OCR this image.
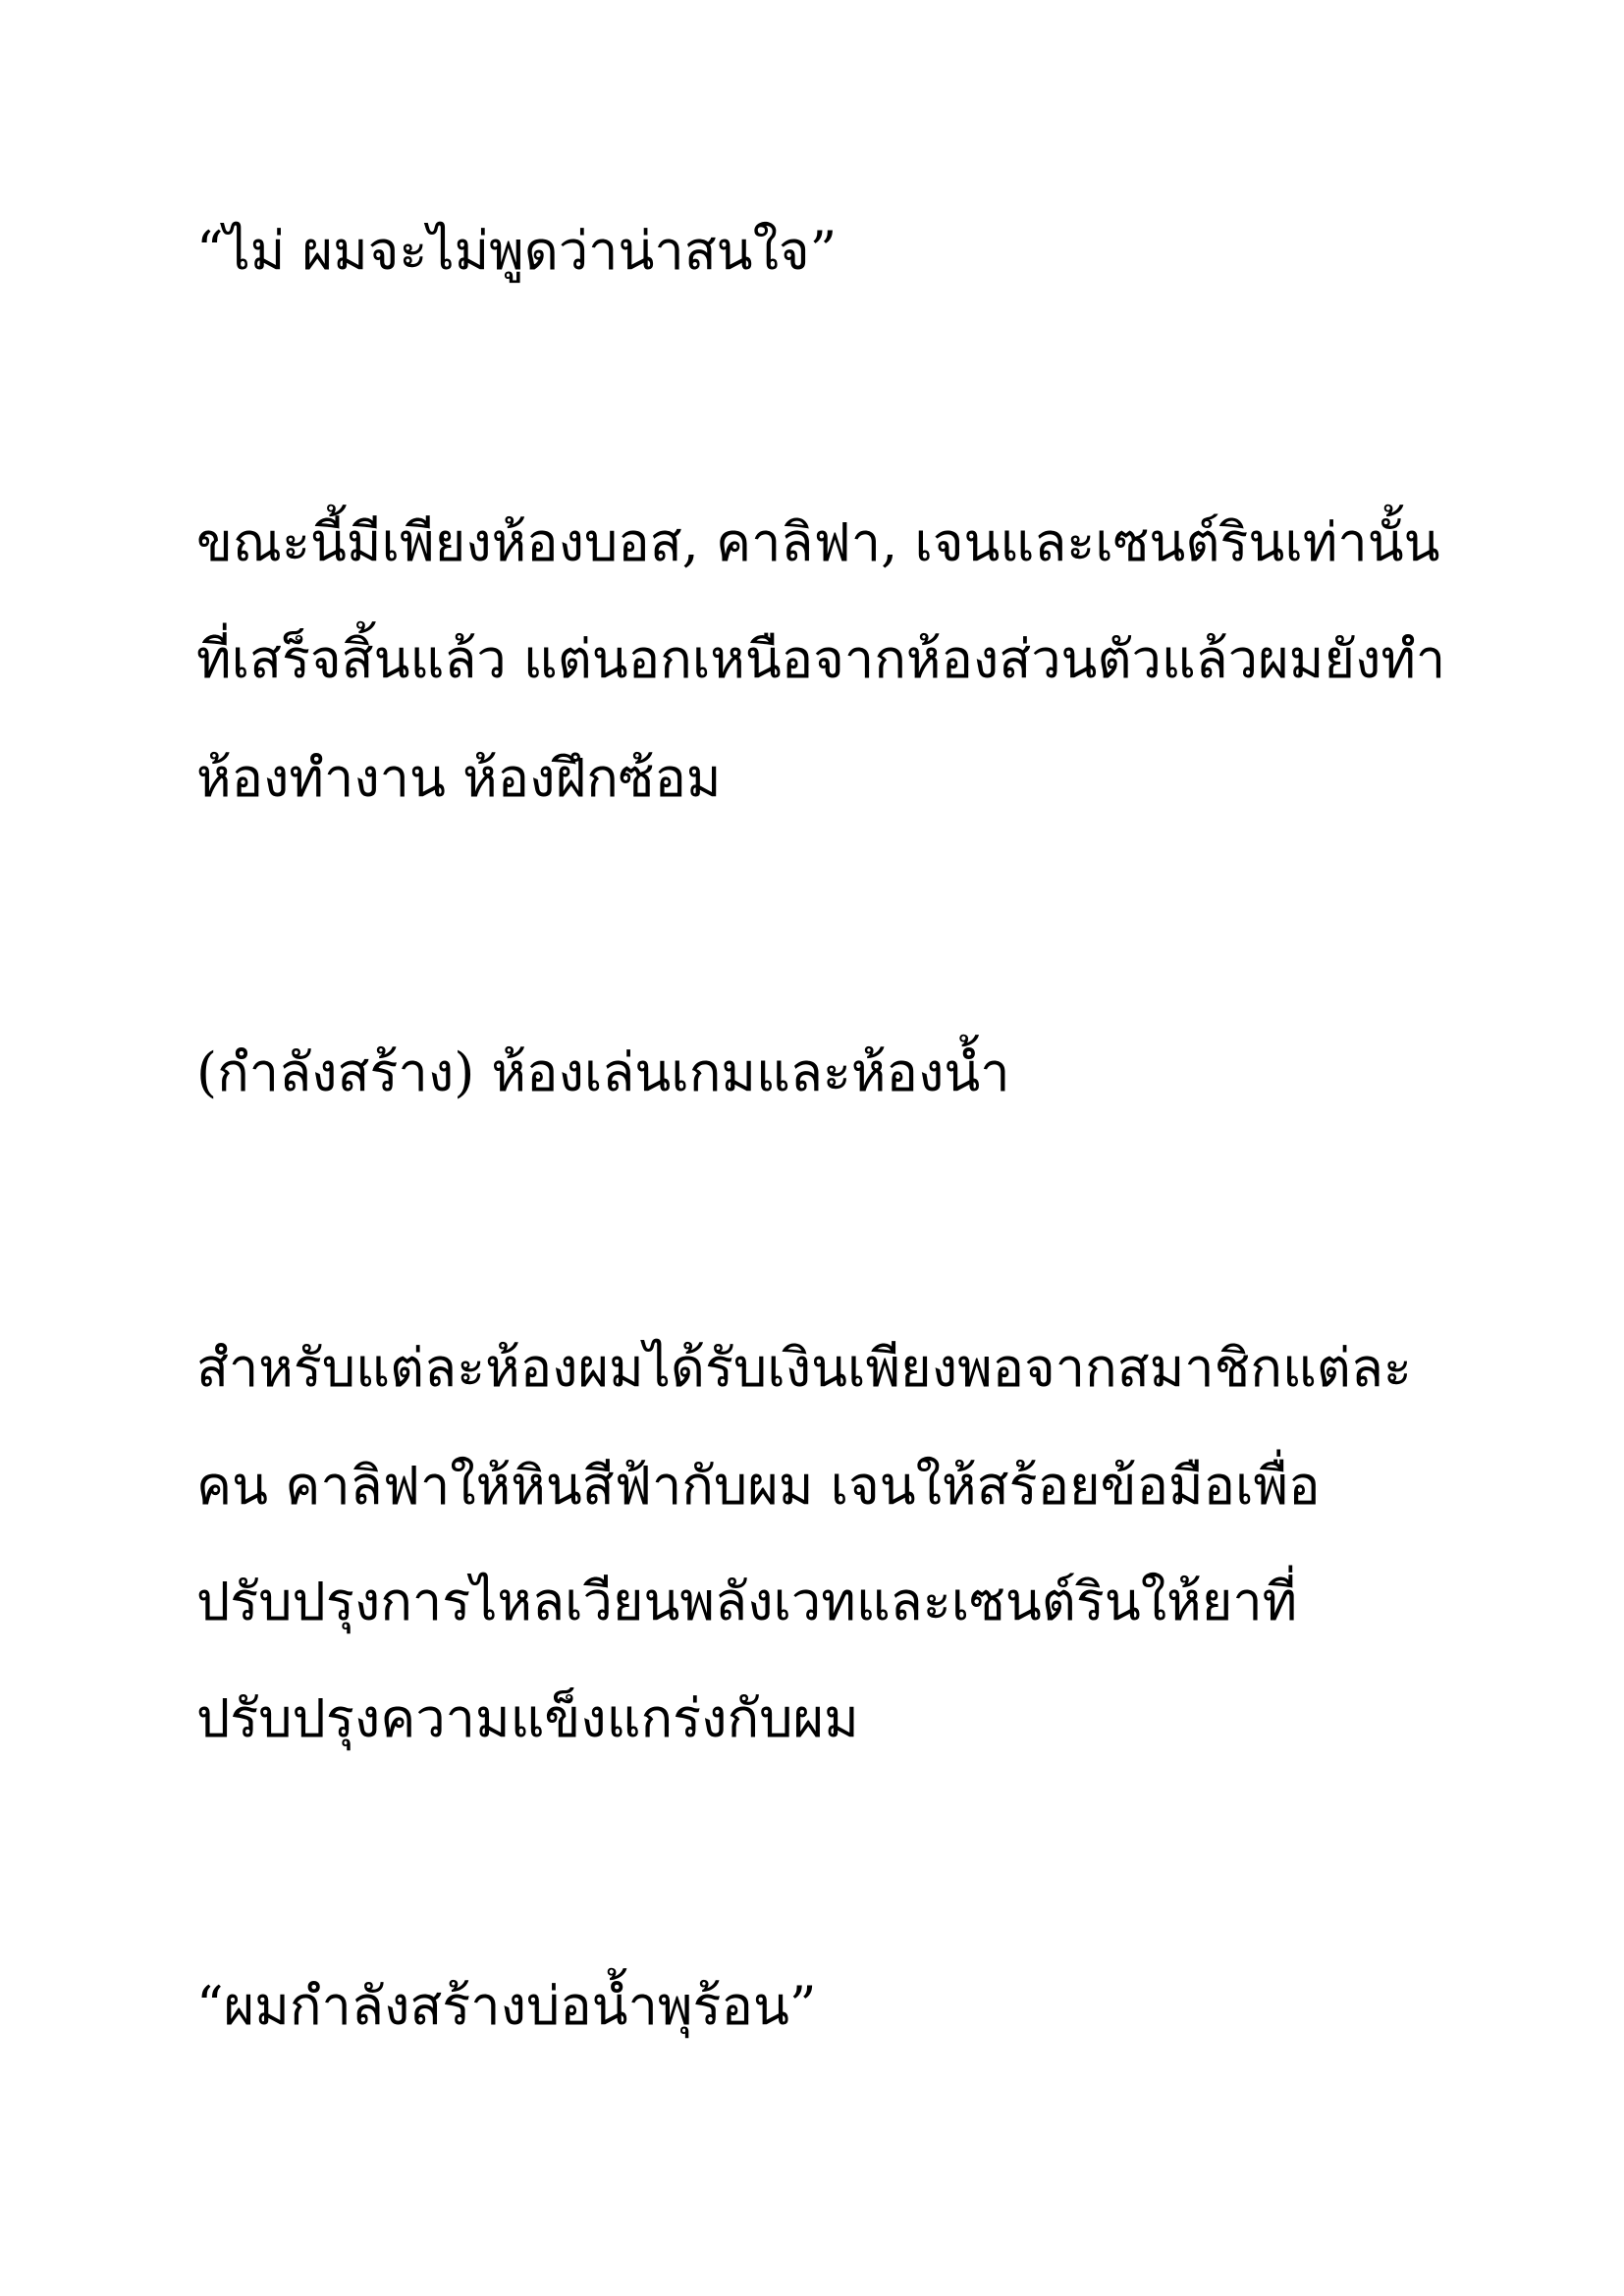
“ไม่ ผมจะไม่พูดว่าน่าสนใจ”
ขณะนี้มีเพียงห้องบอส, คาลิฟา, เจนและเซนต์รินเท่านั้น
ที่เสร็จสิ้นแล้ว แต่นอกเหนือจากห้องส่วนตัวแล้วผมยังทำ
ห้องทำงาน ห้องฝึกซ้อม
(กำลังสร้าง) ห้องเล่นเกมและห้องน้ำ
สำหรับแต่ละห้องผมได้รับเงินเพียงพอจากสมาชิกแต่ละ
คน คาลิฟาให้หินสีฟ้ากับผม เจนให้สร้อยข้อมือเพื่อ
ปรับปรุงการไหลเวียนพลังเวทและเซนต์รินให้ยาที่
ปรับปรุงความแข็งแกร่งกับผม
“ผมกำลังสร้างบ่อน้ำพุร้อน”
